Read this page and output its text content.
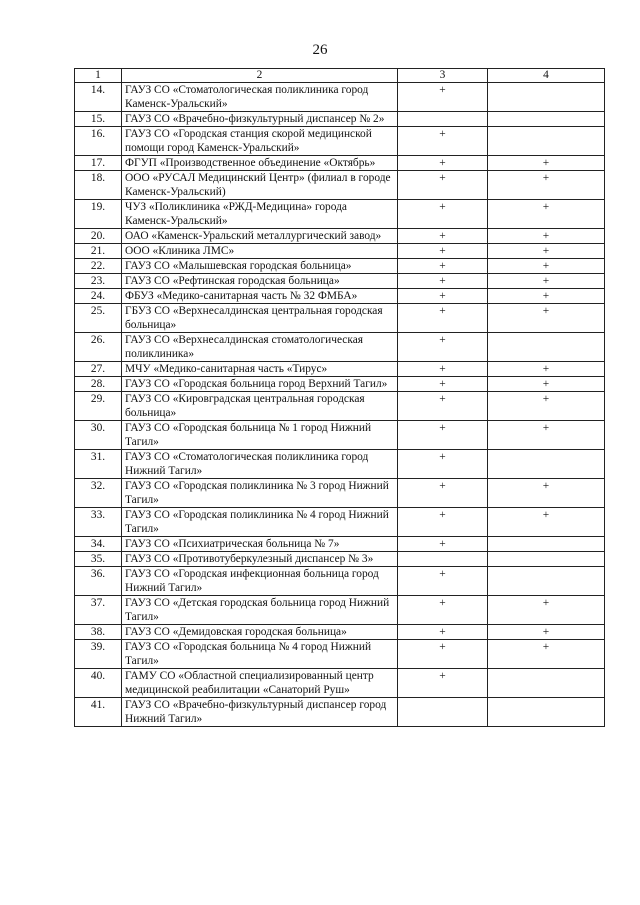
26
1	2	3	4
14.	ГАУЗ СО «Стоматологическая поликлиника город Каменск-Уральский»	+	
15.	ГАУЗ СО «Врачебно-физкультурный диспансер № 2»		
16.	ГАУЗ СО «Городская станция скорой медицинской помощи город Каменск-Уральский»	+	
17.	ФГУП «Производственное объединение «Октябрь»	+	+
18.	ООО «РУСАЛ Медицинский Центр» (филиал в городе Каменск-Уральский)	+	+
19.	ЧУЗ «Поликлиника «РЖД-Медицина» города Каменск-Уральский»	+	+
20.	ОАО «Каменск-Уральский металлургический завод»	+	+
21.	ООО «Клиника ЛМС»	+	+
22.	ГАУЗ СО «Малышевская городская больница»	+	+
23.	ГАУЗ СО «Рефтинская городская больница»	+	+
24.	ФБУЗ «Медико-санитарная часть № 32 ФМБА»	+	+
25.	ГБУЗ СО «Верхнесалдинская центральная городская больница»	+	+
26.	ГАУЗ СО «Верхнесалдинская стоматологическая поликлиника»	+	
27.	МЧУ «Медико-санитарная часть «Тирус»	+	+
28.	ГАУЗ СО «Городская больница город Верхний Тагил»	+	+
29.	ГАУЗ СО «Кировградская центральная городская больница»	+	+
30.	ГАУЗ СО «Городская больница № 1 город Нижний Тагил»	+	+
31.	ГАУЗ СО «Стоматологическая поликлиника город Нижний Тагил»	+	
32.	ГАУЗ СО «Городская поликлиника № 3 город Нижний Тагил»	+	+
33.	ГАУЗ СО «Городская поликлиника № 4 город Нижний Тагил»	+	+
34.	ГАУЗ СО «Психиатрическая больница № 7»	+	
35.	ГАУЗ СО «Противотуберкулезный диспансер № 3»		
36.	ГАУЗ СО «Городская инфекционная больница город Нижний Тагил»	+	
37.	ГАУЗ СО «Детская городская больница город Нижний Тагил»	+	+
38.	ГАУЗ СО «Демидовская городская больница»	+	+
39.	ГАУЗ СО «Городская больница № 4 город Нижний Тагил»	+	+
40.	ГАМУ СО «Областной специализированный центр медицинской реабилитации «Санаторий Руш»	+	
41.	ГАУЗ СО «Врачебно-физкультурный диспансер город Нижний Тагил»		
